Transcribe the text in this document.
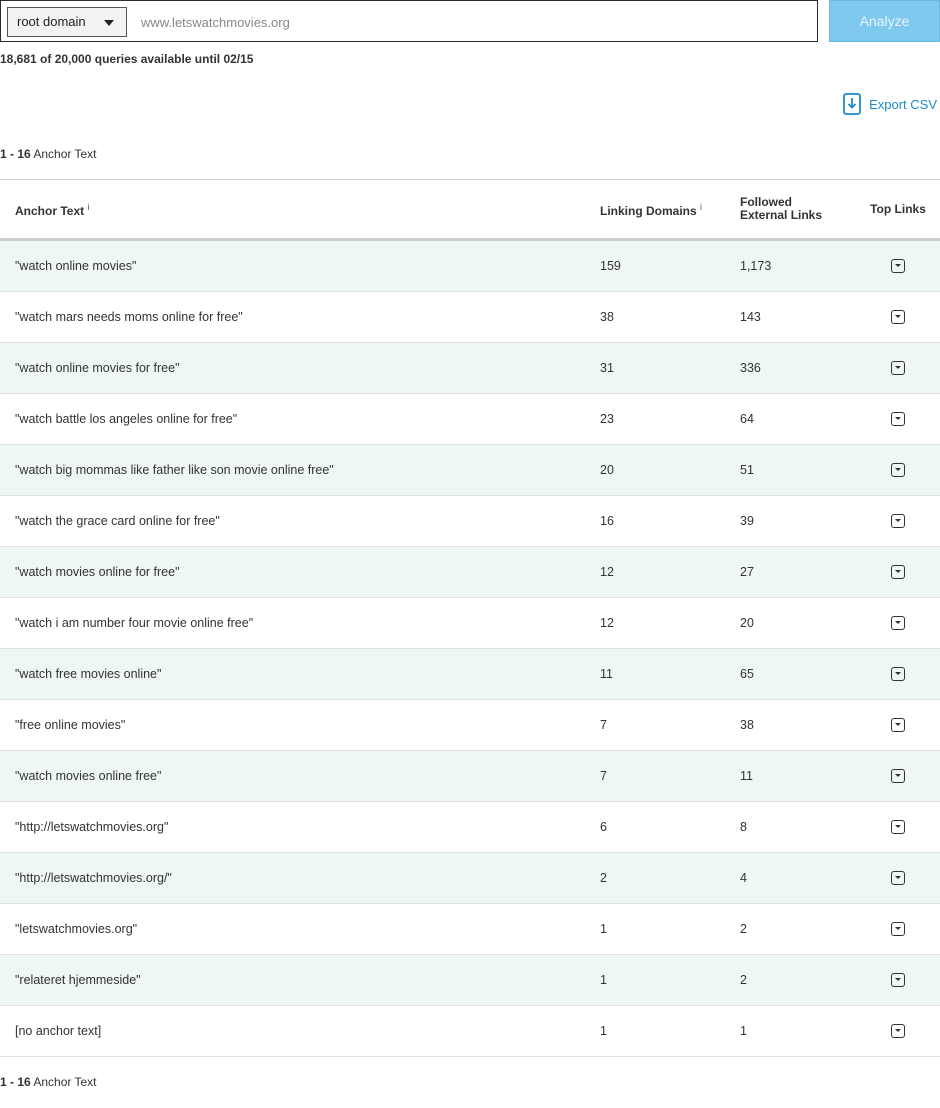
root domain
www.letswatchmovies.org	Analyze
18,681 of 20,000 queries available until 02/15
Export CSV
1 - 16 Anchor Text
Anchor Text $^i$	Linking Domains $^i$	Followed
External Links	Top Links
"watch online movies"	159	1,173	
"watch mars needs moms online for free"	38	143	
"watch online movies for free"	31	336	
"watch battle los angeles online for free"	23	64	
"watch big mommas like father like son movie online free"	20	51	
"watch the grace card online for free"	16	39	
"watch movies online for free"	12	27	
"watch i am number four movie online free"	12	20	
"watch free movies online"	11	65	
"free online movies"	7	38	
"watch movies online free"	7	11	
"http://letswatchmovies.org"	6	8	
"http://letswatchmovies.org/"	2	4	
"letswatchmovies.org"	1	2	
"relateret hjemmeside"	1	2	
[no anchor text]	1	1	
1 - 16 Anchor Text
